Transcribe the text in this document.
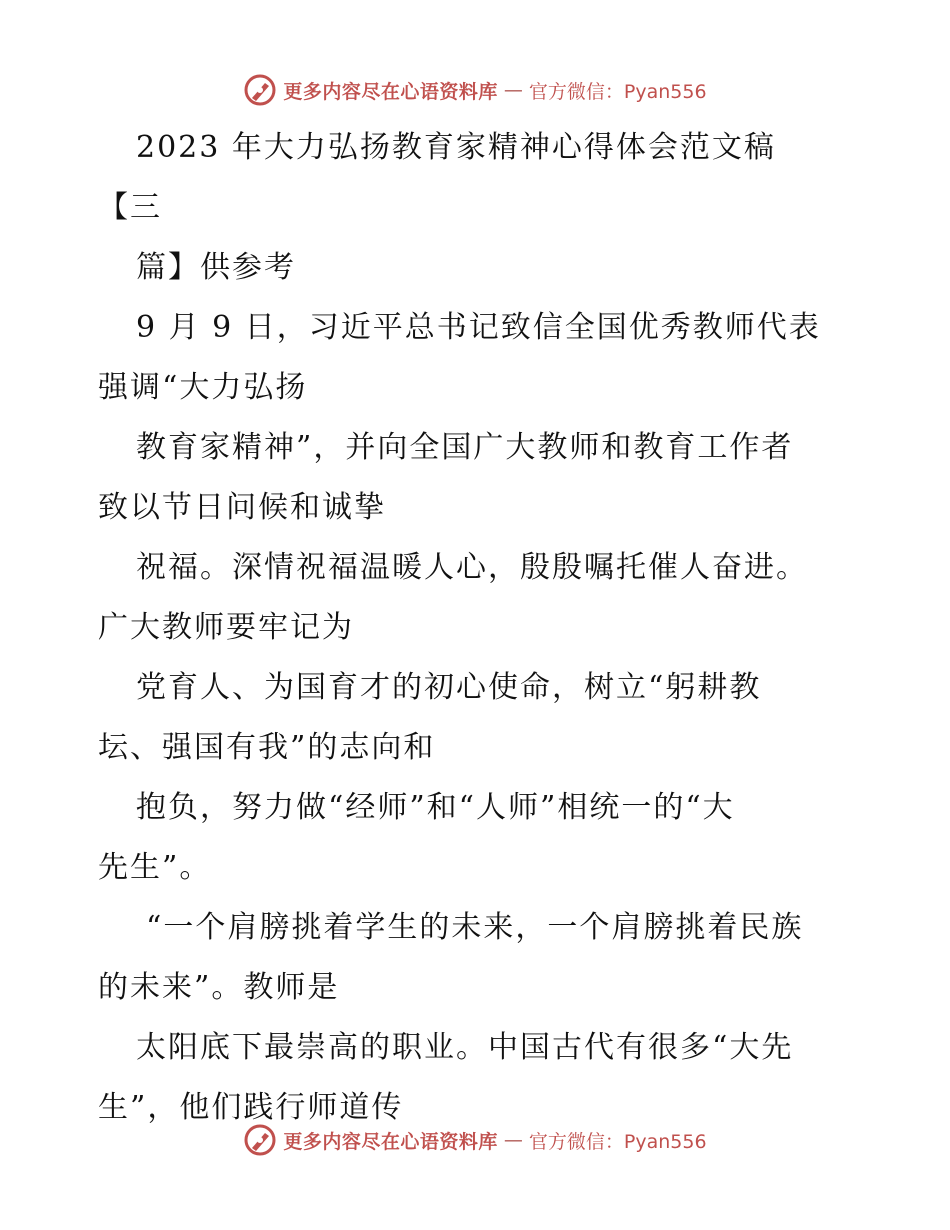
更多内容尽在心语资料库 — 官方微信：Pyan556
2023 年大力弘扬教育家精神心得体会范文稿
【三
篇】供参考
9 月 9 日，习近平总书记致信全国优秀教师代表
强调“大力弘扬
教育家精神”，并向全国广大教师和教育工作者
致以节日问候和诚挚
祝福。深情祝福温暖人心，殷殷嘱托催人奋进。
广大教师要牢记为
党育人、为国育才的初心使命，树立“躬耕教
坛、强国有我”的志向和
抱负，努力做“经师”和“人师”相统一的“大
先生”。
“一个肩膀挑着学生的未来，一个肩膀挑着民族
的未来”。教师是
太阳底下最崇高的职业。中国古代有很多“大先
生”，他们践行师道传
更多内容尽在心语资料库 — 官方微信：Pyan556
